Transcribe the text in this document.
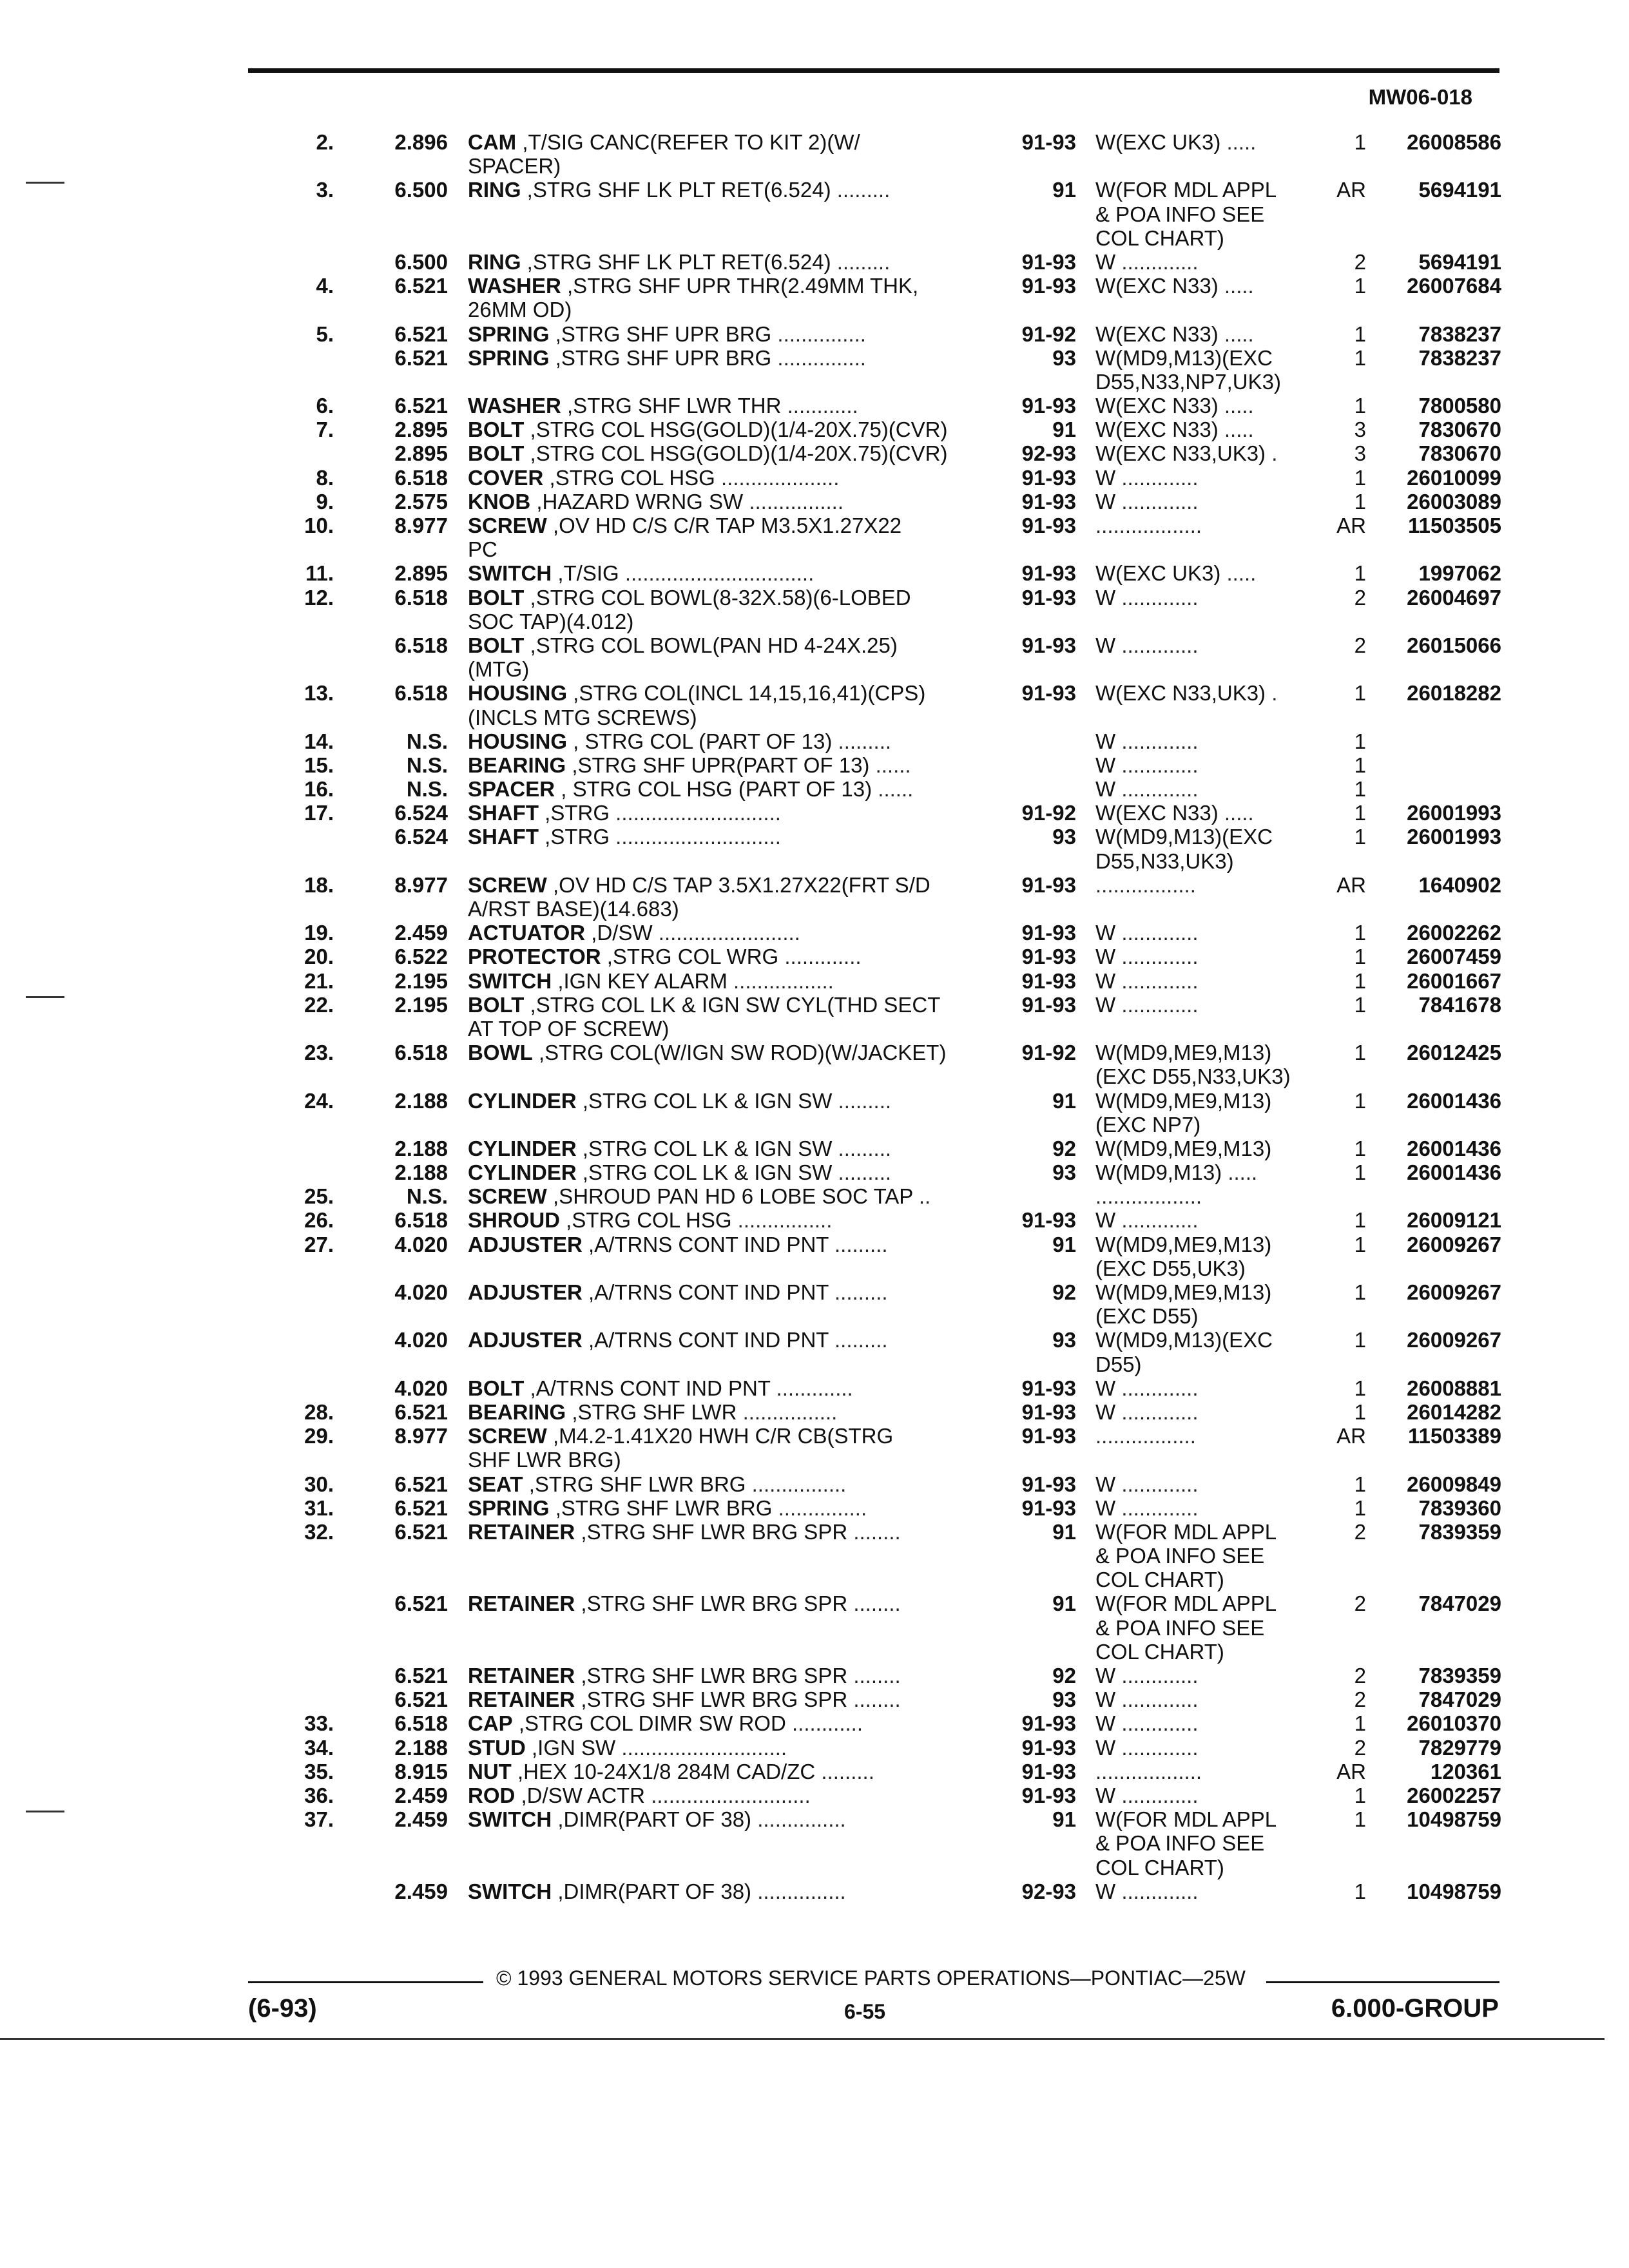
MW06-018
2.	2.896 CAM ,T/SIG CANC(REFER TO KIT 2)(W/	91-93 W(EXC UK3) .....	1	26008586
SPACER)
3.	6.500 RING ,STRG SHF LK PLT RET(6.524) .........	91 W(FOR MDL APPL	AR	5694191
& POA INFO SEE
COL CHART)
6.500 RING ,STRG SHF LK PLT RET(6.524) .........	91-93 W .............	2	5694191
4.	6.521 WASHER ,STRG SHF UPR THR(2.49MM THK,	91-93 W(EXC N33) .....	1	26007684
26MM OD)
5.	6.521 SPRING ,STRG SHF UPR BRG ...............	91-92 W(EXC N33) .....	1	7838237
6.521 SPRING ,STRG SHF UPR BRG ...............	93 W(MD9,M13)(EXC	1	7838237
D55,N33,NP7,UK3)
6.	6.521 WASHER ,STRG SHF LWR THR ............	91-93 W(EXC N33) .....	1	7800580
7.	2.895 BOLT ,STRG COL HSG(GOLD)(1/4-20X.75)(CVR)	91 W(EXC N33) .....	3	7830670
2.895 BOLT ,STRG COL HSG(GOLD)(1/4-20X.75)(CVR)	92-93 W(EXC N33,UK3) .	3	7830670
8.	6.518 COVER ,STRG COL HSG ....................	91-93 W .............	1	26010099
9.	2.575 KNOB ,HAZARD WRNG SW ................	91-93 W .............	1	26003089
10.	8.977 SCREW ,OV HD C/S C/R TAP M3.5X1.27X22	91-93 ..................	AR	11503505
PC
11.	2.895 SWITCH ,T/SIG ................................	91-93 W(EXC UK3) .....	1	1997062
12.	6.518 BOLT ,STRG COL BOWL(8-32X.58)(6-LOBED	91-93 W .............	2	26004697
SOC TAP)(4.012)
6.518 BOLT ,STRG COL BOWL(PAN HD 4-24X.25)	91-93 W .............	2	26015066
(MTG)
13.	6.518 HOUSING ,STRG COL(INCL 14,15,16,41)(CPS)	91-93 W(EXC N33,UK3) .	1	26018282
(INCLS MTG SCREWS)
14.	N.S. HOUSING , STRG COL (PART OF 13) .........	W .............	1
15.	N.S. BEARING ,STRG SHF UPR(PART OF 13) ......	W .............	1
16.	N.S. SPACER , STRG COL HSG (PART OF 13) ......	W .............	1
17.	6.524 SHAFT ,STRG ............................	91-92 W(EXC N33) .....	1	26001993
6.524 SHAFT ,STRG ............................	93 W(MD9,M13)(EXC	1	26001993
D55,N33,UK3)
18.	8.977 SCREW ,OV HD C/S TAP 3.5X1.27X22(FRT S/D	91-93 .................	AR	1640902
A/RST BASE)(14.683)
19.	2.459 ACTUATOR ,D/SW ........................	91-93 W .............	1	26002262
20.	6.522 PROTECTOR ,STRG COL WRG .............	91-93 W .............	1	26007459
21.	2.195 SWITCH ,IGN KEY ALARM .................	91-93 W .............	1	26001667
22.	2.195 BOLT ,STRG COL LK & IGN SW CYL(THD SECT	91-93 W .............	1	7841678
AT TOP OF SCREW)
23.	6.518 BOWL ,STRG COL(W/IGN SW ROD)(W/JACKET)	91-92 W(MD9,ME9,M13)	1	26012425
(EXC D55,N33,UK3)
24.	2.188 CYLINDER ,STRG COL LK & IGN SW .........	91 W(MD9,ME9,M13)	1	26001436
(EXC NP7)
2.188 CYLINDER ,STRG COL LK & IGN SW .........	92 W(MD9,ME9,M13)	1	26001436
2.188 CYLINDER ,STRG COL LK & IGN SW .........	93 W(MD9,M13) .....	1	26001436
25.	N.S. SCREW ,SHROUD PAN HD 6 LOBE SOC TAP ..	..................
26.	6.518 SHROUD ,STRG COL HSG ................	91-93 W .............	1	26009121
27.	4.020 ADJUSTER ,A/TRNS CONT IND PNT .........	91 W(MD9,ME9,M13)	1	26009267
(EXC D55,UK3)
4.020 ADJUSTER ,A/TRNS CONT IND PNT .........	92 W(MD9,ME9,M13)	1	26009267
(EXC D55)
4.020 ADJUSTER ,A/TRNS CONT IND PNT .........	93 W(MD9,M13)(EXC	1	26009267
D55)
4.020 BOLT ,A/TRNS CONT IND PNT .............	91-93 W .............	1	26008881
28.	6.521 BEARING ,STRG SHF LWR ................	91-93 W .............	1	26014282
29.	8.977 SCREW ,M4.2-1.41X20 HWH C/R CB(STRG	91-93 .................	AR	11503389
SHF LWR BRG)
30.	6.521 SEAT ,STRG SHF LWR BRG ................	91-93 W .............	1	26009849
31.	6.521 SPRING ,STRG SHF LWR BRG ...............	91-93 W .............	1	7839360
32.	6.521 RETAINER ,STRG SHF LWR BRG SPR ........	91 W(FOR MDL APPL	2	7839359
& POA INFO SEE
COL CHART)
6.521 RETAINER ,STRG SHF LWR BRG SPR ........	91 W(FOR MDL APPL	2	7847029
& POA INFO SEE
COL CHART)
6.521 RETAINER ,STRG SHF LWR BRG SPR ........	92 W .............	2	7839359
6.521 RETAINER ,STRG SHF LWR BRG SPR ........	93 W .............	2	7847029
33.	6.518 CAP ,STRG COL DIMR SW ROD ............	91-93 W .............	1	26010370
34.	2.188 STUD ,IGN SW ............................	91-93 W .............	2	7829779
35.	8.915 NUT ,HEX 10-24X1/8 284M CAD/ZC .........	91-93 ..................	AR	120361
36.	2.459 ROD ,D/SW ACTR ...........................	91-93 W .............	1	26002257
37.	2.459 SWITCH ,DIMR(PART OF 38) ...............	91 W(FOR MDL APPL	1	10498759
& POA INFO SEE
COL CHART)
2.459 SWITCH ,DIMR(PART OF 38) ...............	92-93 W .............	1	10498759
© 1993 GENERAL MOTORS SERVICE PARTS OPERATIONS—PONTIAC—25W
(6-93)	6-55	6.000-GROUP
